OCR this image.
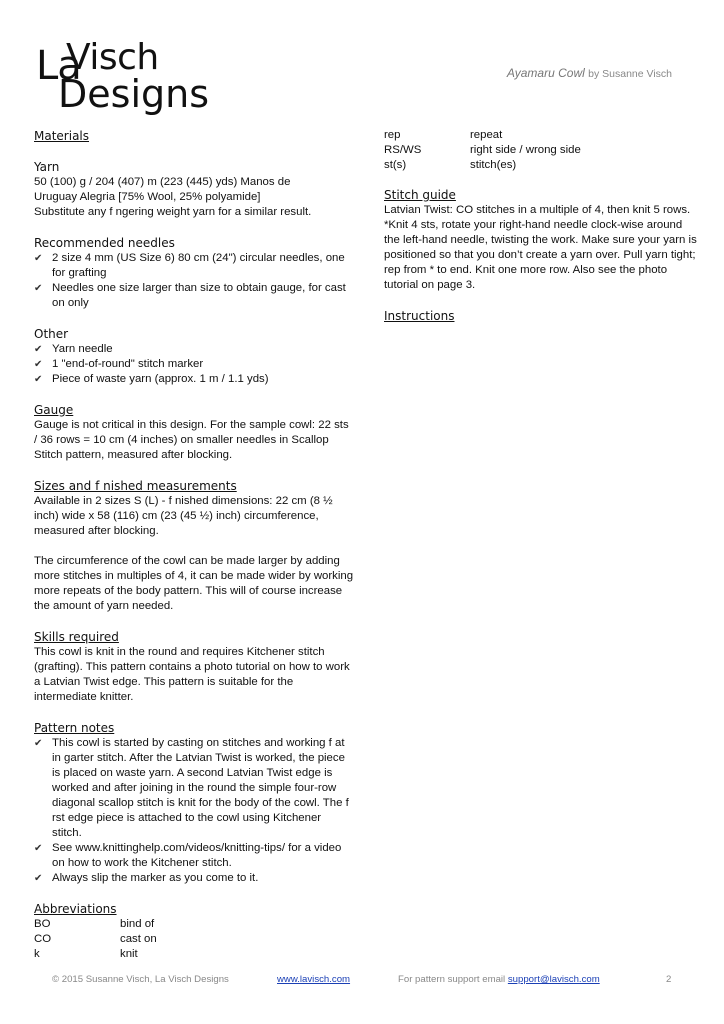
La
Visch
Designs	Ayamaru Cowl by Susanne Visch

Materials

Yarn

50 (100) g / 204 (407) m (223 (445) yds) Manos de

Uruguay Alegria [75% Wool, 25% polyamide]

Substitute any f ngering weight yarn for a similar result.

Recommended needles

✔ 2 size 4 mm (US Size 6) 80 cm (24") circular needles, one for grafting
✔ Needles one size larger than size to obtain gauge, for cast on only

Other

✔ Yarn needle
✔ 1 "end-of-round" stitch marker
✔ Piece of waste yarn (approx. 1 m / 1.1 yds)

Gauge

Gauge is not critical in this design. For the sample cowl: 22 sts / 36 rows = 10 cm (4 inches) on smaller needles in Scallop Stitch pattern, measured after blocking.

Sizes and f nished measurements

Available in 2 sizes S (L) - f nished dimensions: 22 cm (8 ½ inch) wide x 58 (116) cm (23 (45 ½) inch) circumference, measured after blocking.

The circumference of the cowl can be made larger by adding more stitches in multiples of 4, it can be made wider by working more repeats of the body pattern. This will of course increase the amount of yarn needed.

Skills required

This cowl is knit in the round and requires Kitchener stitch (grafting). This pattern contains a photo tutorial on how to work a Latvian Twist edge. This pattern is suitable for the intermediate knitter.

Pattern notes

✔ This cowl is started by casting on stitches and working f at in garter stitch. After the Latvian Twist is worked, the piece is placed on waste yarn. A second Latvian Twist edge is worked and after joining in the round the simple four-row diagonal scallop stitch is knit for the body of the cowl. The f rst edge piece is attached to the cowl using Kitchener stitch.
✔ See www.knittinghelp.com/videos/knitting-tips/ for a video on how to work the Kitchener stitch.
✔ Always slip the marker as you come to it.

Abbreviations

BO	bind of
CO	cast on
k	knit
rep	repeat
RS/WS	right side / wrong side
st(s)	stitch(es)

Stitch guide

Latvian Twist: CO stitches in a multiple of 4, then knit 5 rows. *Knit 4 sts, rotate your right-hand needle clock-wise around the left-hand needle, twisting the work. Make sure your yarn is positioned so that you don’t create a yarn over. Pull yarn tight; rep from * to end. Knit one more row. Also see the photo tutorial on page 3.

Instructions

© 2015 Susanne Visch, La Visch Designs	www.lavisch.com	For pattern support email support@lavisch.com	2
